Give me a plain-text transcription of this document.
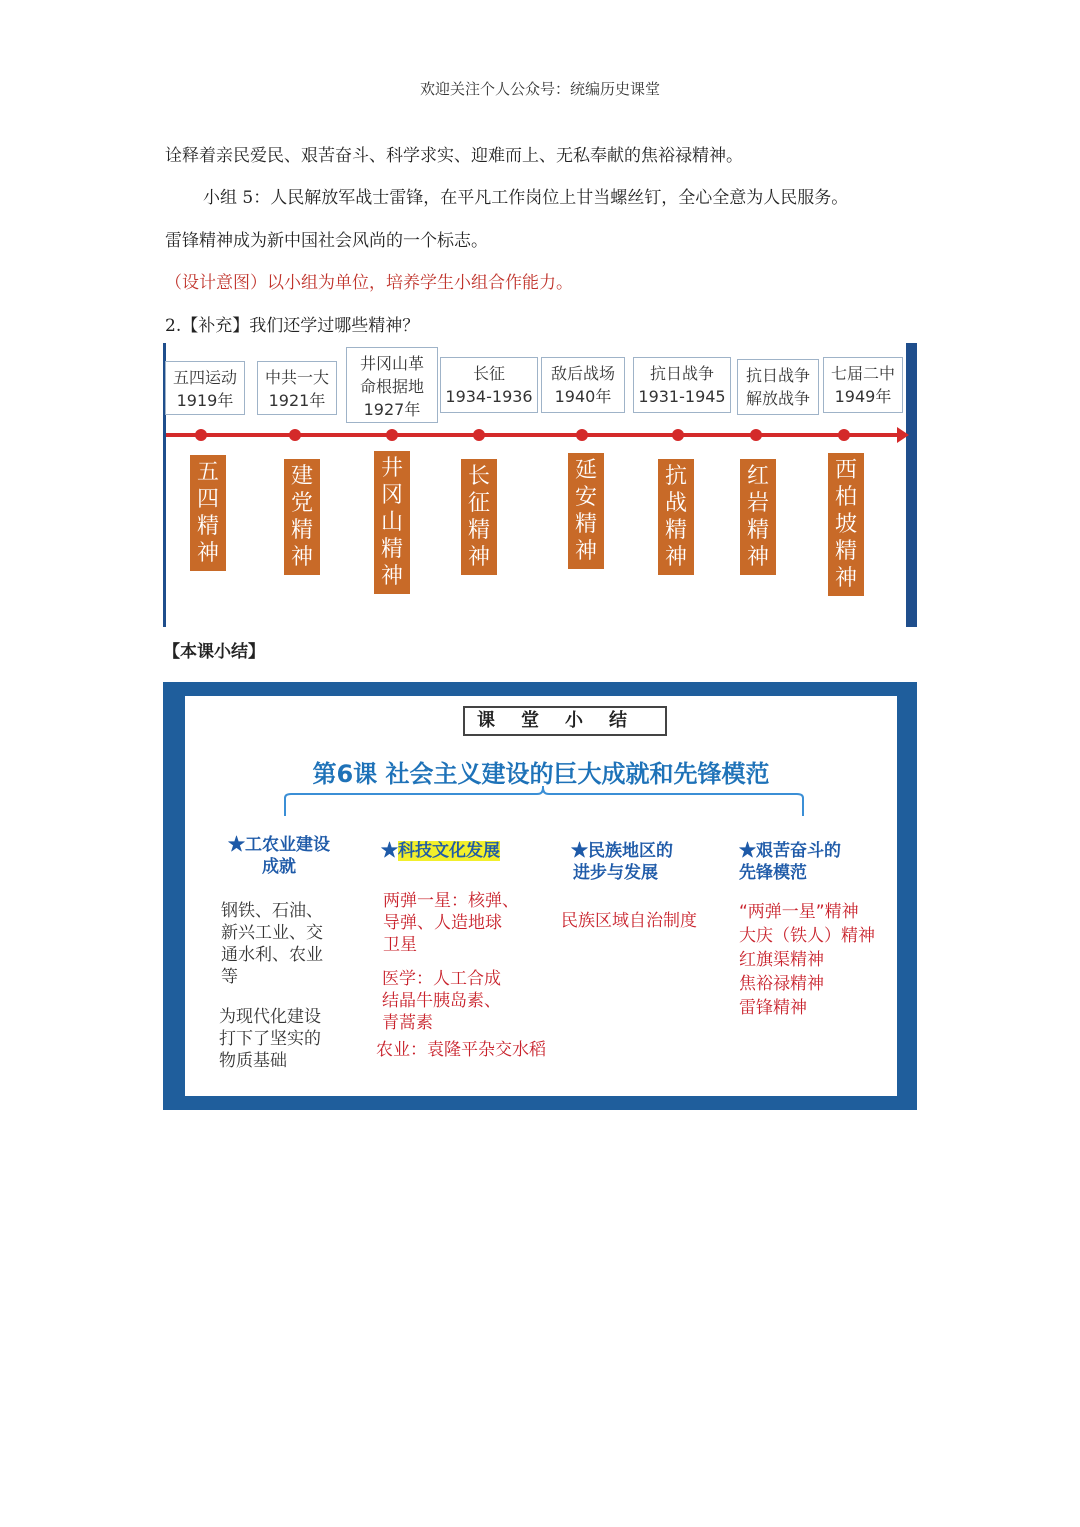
欢迎关注个人公众号：统编历史课堂
诠释着亲民爱民、艰苦奋斗、科学求实、迎难而上、无私奉献的焦裕禄精神。
小组 5：人民解放军战士雷锋，在平凡工作岗位上甘当螺丝钉，全心全意为人民服务。
雷锋精神成为新中国社会风尚的一个标志。
（设计意图）以小组为单位，培养学生小组合作能力。
2.【补充】我们还学过哪些精神？
五四运动
1919年
中共一大
1921年
井冈山革
命根据地
1927年
长征
1934-1936
敌后战场
1940年
抗日战争
1931-1945
抗日战争
解放战争
七届二中
1949年
五
四
精
神
建
党
精
神
井
冈
山
精
神
长
征
精
神
延
安
精
神
抗
战
精
神
红
岩
精
神
西
柏
坡
精
神
【本课小结】
课堂小结
第6课 社会主义建设的巨大成就和先锋模范
★工农业建设
成就
钢铁、石油、
新兴工业、交
通水利、农业
等
为现代化建设
打下了坚实的
物质基础
★科技文化发展
两弹一星：核弹、
导弹、人造地球
卫星
医学：人工合成
结晶牛胰岛素、
青蒿素
农业：袁隆平杂交水稻
★民族地区的
进步与发展
民族区域自治制度
★艰苦奋斗的
先锋模范
“两弹一星”精神
大庆（铁人）精神
红旗渠精神
焦裕禄精神
雷锋精神
